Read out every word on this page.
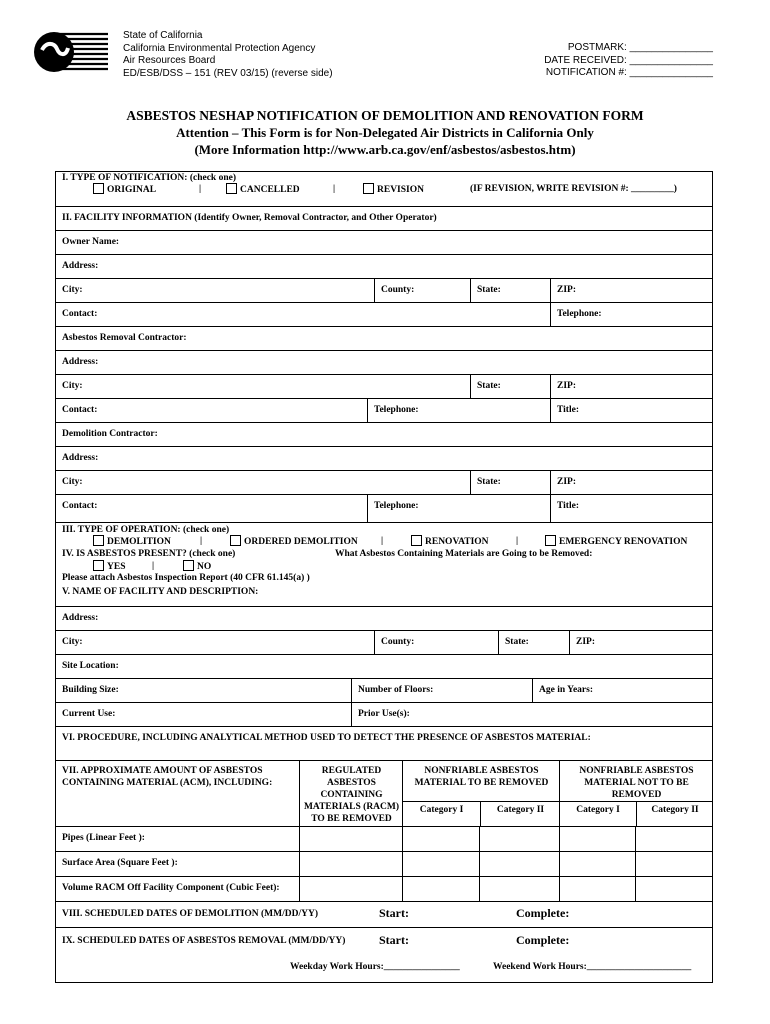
State of California
California Environmental Protection Agency
Air Resources Board
ED/ESB/DSS – 151 (REV 03/15) (reverse side)
POSTMARK: _______________
DATE RECEIVED: _______________
NOTIFICATION #: _______________
ASBESTOS NESHAP NOTIFICATION OF DEMOLITION AND RENOVATION FORM
Attention – This Form is for Non-Delegated Air Districts in California Only
(More Information http://www.arb.ca.gov/enf/asbestos/asbestos.htm)
I. TYPE OF NOTIFICATION: (check one)
ORIGINAL	|	CANCELLED	|	REVISION	(IF REVISION, WRITE REVISION #: _________)
II. FACILITY INFORMATION (Identify Owner, Removal Contractor, and Other Operator)
Owner Name:
Address:
City:	County:	State:	ZIP:
Contact:	Telephone:
Asbestos Removal Contractor:
Address:
City:	State:	ZIP:
Contact:	Telephone:	Title:
Demolition Contractor:
Address:
City:	State:	ZIP:
Contact:	Telephone:	Title:
III. TYPE OF OPERATION: (check one)
DEMOLITION	|	ORDERED DEMOLITION |	RENOVATION	|	EMERGENCY RENOVATION
IV. IS ASBESTOS PRESENT? (check one)	What Asbestos Containing Materials are Going to be Removed:
YES	|	NO
Please attach Asbestos Inspection Report (40 CFR 61.145(a) )
V. NAME OF FACILITY AND DESCRIPTION:
Address:
City:	County:	State:	ZIP:
Site Location:
Building Size:	Number of Floors:	Age in Years:
Current Use:	Prior Use(s):
VI. PROCEDURE, INCLUDING ANALYTICAL METHOD USED TO DETECT THE PRESENCE OF ASBESTOS MATERIAL:
VII. APPROXIMATE AMOUNT OF ASBESTOS CONTAINING MATERIAL (ACM), INCLUDING:
REGULATED ASBESTOS CONTAINING MATERIALS (RACM) TO BE REMOVED
NONFRIABLE ASBESTOS MATERIAL TO BE REMOVED
Category I	Category II
NONFRIABLE ASBESTOS MATERIAL NOT TO BE REMOVED
Category I	Category II
Pipes (Linear Feet ):
Surface Area (Square Feet ):
Volume RACM Off Facility Component (Cubic Feet):
VIII. SCHEDULED DATES OF DEMOLITION (MM/DD/YY)	Start:	Complete:
IX. SCHEDULED DATES OF ASBESTOS REMOVAL (MM/DD/YY)	Start:	Complete:
Weekday Work Hours:________________	Weekend Work Hours:______________________
